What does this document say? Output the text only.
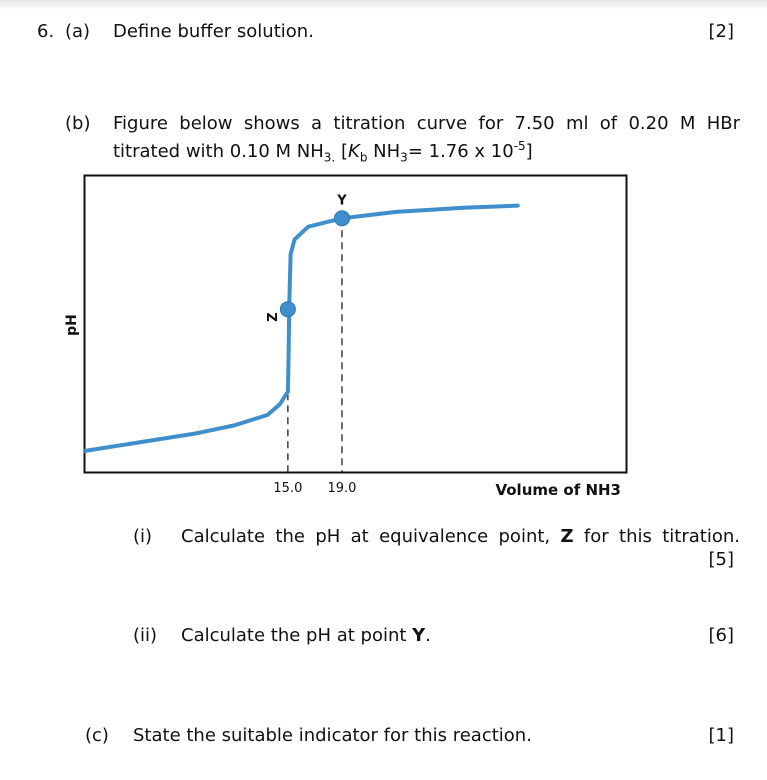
6. (a) Define buffer solution.	[2]
(b) Figure below shows a titration curve for 7.50 ml of 0.20 M HBr
titrated with 0.10 M $NH_{3.}$ [$K_b$ $NH_3= 1.76$ x $10^{-5}$]
15.0 19.0
Z
Y
pH
Volume of NH3
(i) Calculate the pH at equivalence point, Z for this titration.
[5]
(ii) Calculate the pH at point Y.	[6]
(c) State the suitable indicator for this reaction.	[1]
